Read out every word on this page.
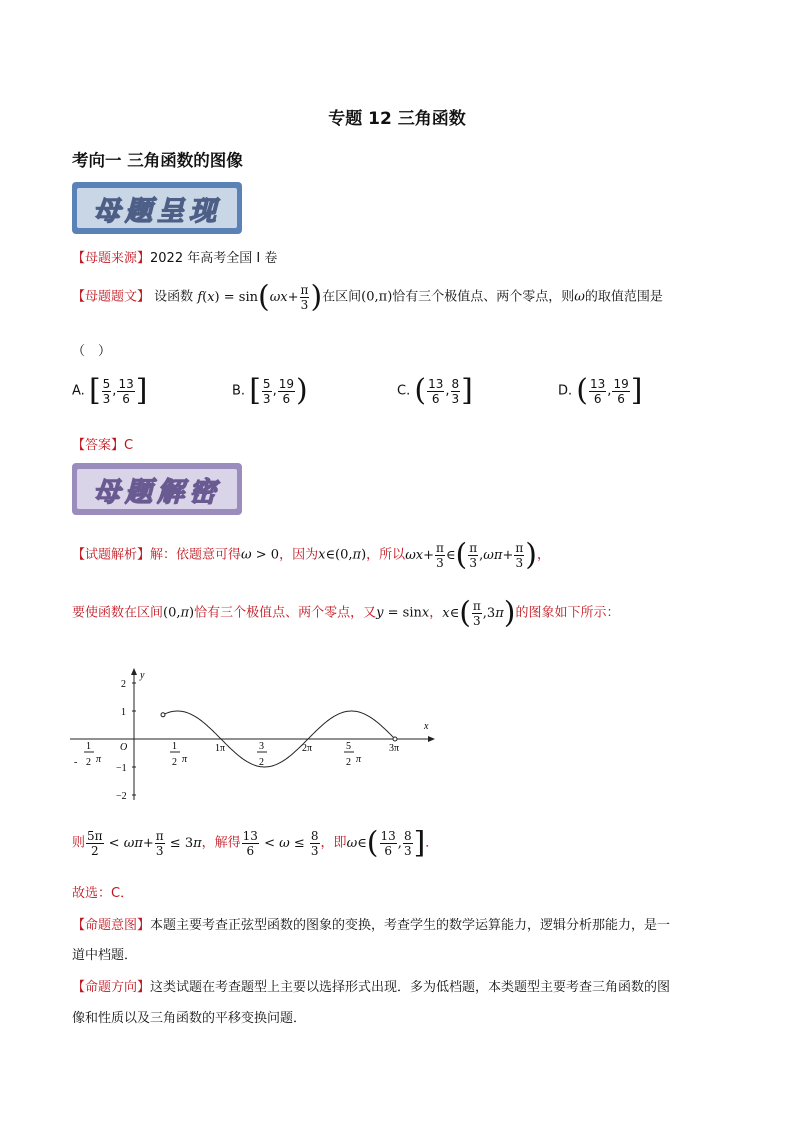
专题 12 三角函数
考向一 三角函数的图像
母题呈现
【母题来源】2022 年高考全国 I 卷
【母题题文】 设函数 $f(x) = \sin(\omega x+ \frac{\pi}{3}$ )在区间(0,π)恰有三个极值点、两个零点，则ω的取值范围是
（　）
A. [ $\frac{5}{3}$ , $\frac{13}{6}$ ]	B. [ $\frac{5}{3}$ , $\frac{19}{6}$ )	C. ( $\frac{13}{6}$ , $\frac{8}{3}$ ]	D. ( $\frac{13}{6}$ , $\frac{19}{6}$ ]
【答案】C
母题解密
【试题解析】解：依题意可得ω > 0，因为x∈(0,π)，所以$\omega x+ \frac{\pi}{3}$ ∈( $\frac{\pi}{3} ,\omega\pi+ \frac{\pi}{3}$ )，
要使函数在区间(0,π)恰有三个极值点、两个零点，又y = sinx，x∈( $\frac{\pi}{3} ,3\pi$)的图象如下所示：
y
x
O
2
1
−1
−2
1
- 2 π
1
2 π
1π	3
2
2π	5
2 π
3π
则 $\frac{5\pi}{2} < \omega\pi+ \frac{\pi}{3} \le 3\pi$，解得 $\frac{13}{6} < \omega \le \frac{8}{3}$ ，即ω∈( $\frac{13}{6}$ , $\frac{8}{3}$ ]．
故选：C．
【命题意图】本题主要考查正弦型函数的图象的变换，考查学生的数学运算能力，逻辑分析那能力，是一
道中档题．
【命题方向】这类试题在考查题型上主要以选择形式出现．多为低档题，本类题型主要考查三角函数的图
像和性质以及三角函数的平移变换问题．
